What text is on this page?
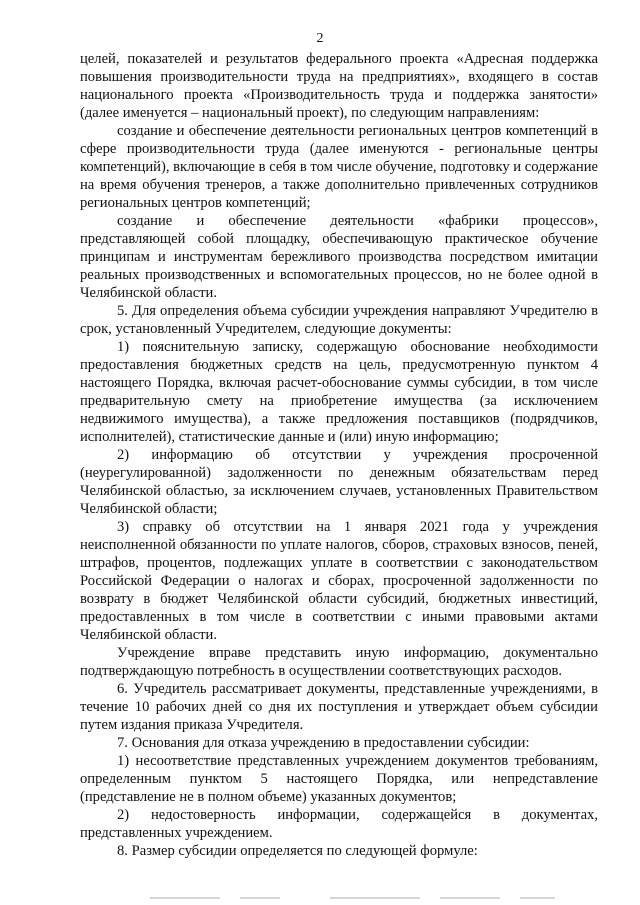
2

целей, показателей и результатов федерального проекта «Адресная поддержка повышения производительности труда на предприятиях», входящего в состав национального проекта «Производительность труда и поддержка занятости» (далее именуется – национальный проект), по следующим направлениям:

создание и обеспечение деятельности региональных центров компетенций в сфере производительности труда (далее именуются - региональные центры компетенций), включающие в себя в том числе обучение, подготовку и содержание на время обучения тренеров, а также дополнительно привлеченных сотрудников региональных центров компетенций;

создание и обеспечение деятельности «фабрики процессов», представляющей собой площадку, обеспечивающую практическое обучение принципам и инструментам бережливого производства посредством имитации реальных производственных и вспомогательных процессов, но не более одной в Челябинской области.

5. Для определения объема субсидии учреждения направляют Учредителю в срок, установленный Учредителем, следующие документы:

1) пояснительную записку, содержащую обоснование необходимости предоставления бюджетных средств на цель, предусмотренную пунктом 4 настоящего Порядка, включая расчет-обоснование суммы субсидии, в том числе предварительную смету на приобретение имущества (за исключением недвижимого имущества), а также предложения поставщиков (подрядчиков, исполнителей), статистические данные и (или) иную информацию;

2) информацию об отсутствии у учреждения просроченной (неурегулированной) задолженности по денежным обязательствам перед Челябинской областью, за исключением случаев, установленных Правительством Челябинской области;

3) справку об отсутствии на 1 января 2021 года у учреждения неисполненной обязанности по уплате налогов, сборов, страховых взносов, пеней, штрафов, процентов, подлежащих уплате в соответствии с законодательством Российской Федерации о налогах и сборах, просроченной задолженности по возврату в бюджет Челябинской области субсидий, бюджетных инвестиций, предоставленных в том числе в соответствии с иными правовыми актами Челябинской области.

Учреждение вправе представить иную информацию, документально подтверждающую потребность в осуществлении соответствующих расходов.

6. Учредитель рассматривает документы, представленные учреждениями, в течение 10 рабочих дней со дня их поступления и утверждает объем субсидии путем издания приказа Учредителя.

7. Основания для отказа учреждению в предоставлении субсидии:

1) несоответствие представленных учреждением документов требованиям, определенным пунктом 5 настоящего Порядка, или непредставление (представление не в полном объеме) указанных документов;

2) недостоверность информации, содержащейся в документах, представленных учреждением.

8. Размер субсидии определяется по следующей формуле:
